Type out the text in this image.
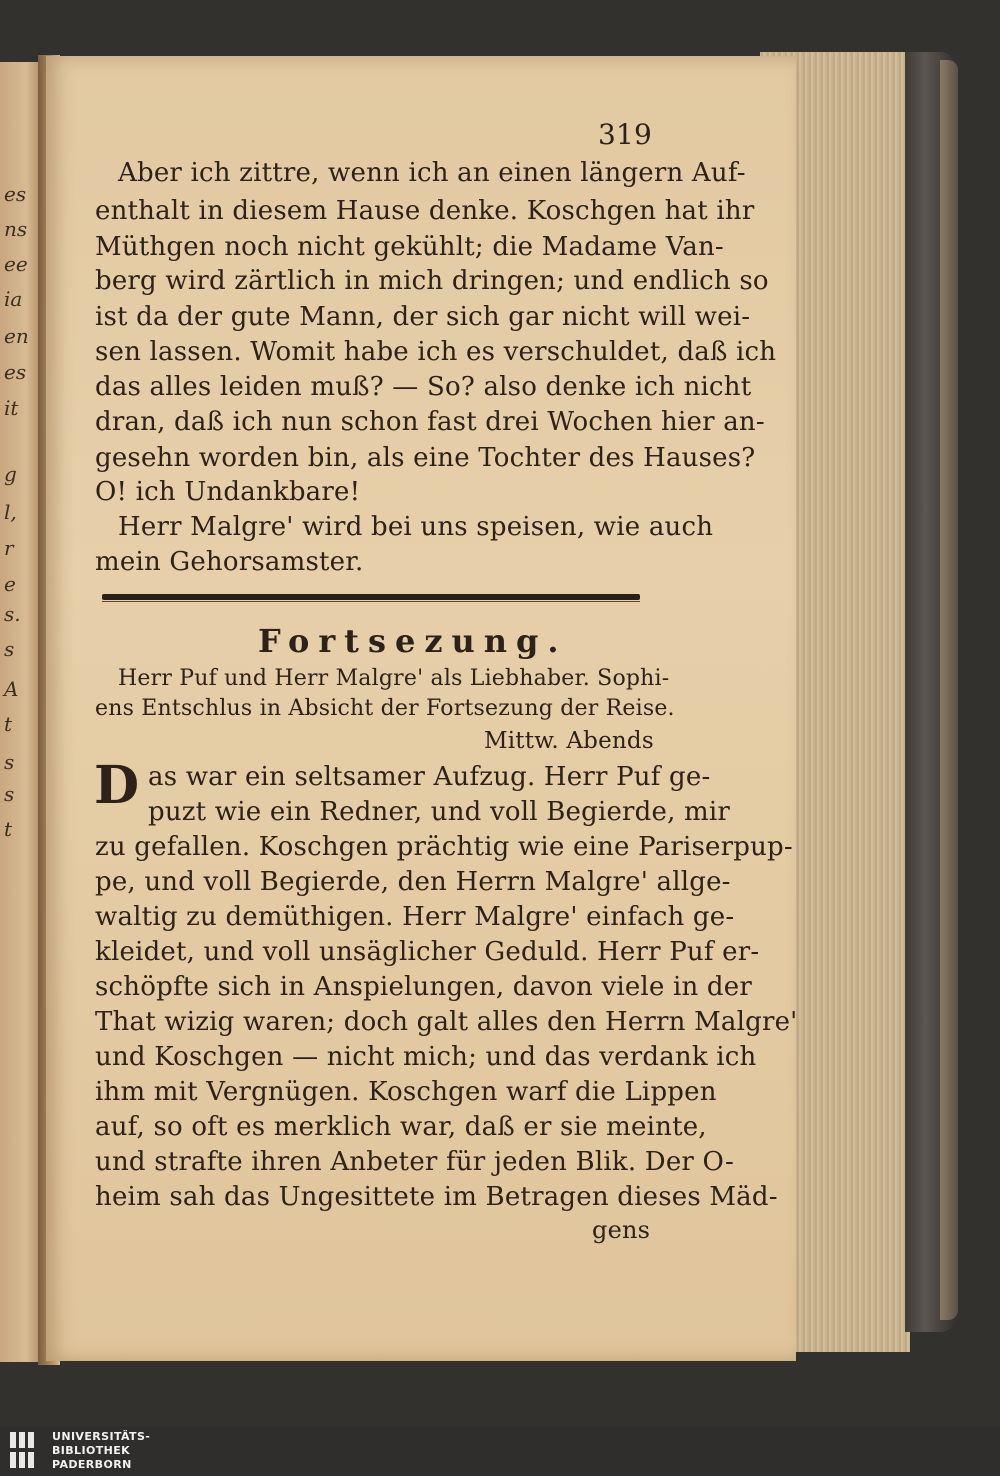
es
ns
ee
ia
en
es
it
g
l,
r
e
s.
s
A
t
s
s
t
319
Aber ich zittre, wenn ich an einen längern Auf-
enthalt in diesem Hause denke. Koschgen hat ihr
Müthgen noch nicht gekühlt; die Madame Van-
berg wird zärtlich in mich dringen; und endlich so
ist da der gute Mann, der sich gar nicht will wei-
sen lassen. Womit habe ich es verschuldet, daß ich
das alles leiden muß? — So? also denke ich nicht
dran, daß ich nun schon fast drei Wochen hier an-
gesehn worden bin, als eine Tochter des Hauses?
O! ich Undankbare!
Herr Malgre' wird bei uns speisen, wie auch
mein Gehorsamster.
Fortsezung.
Herr Puf und Herr Malgre' als Liebhaber. Sophi-
ens Entschlus in Absicht der Fortsezung der Reise.
Mittw. Abends
D as war ein seltsamer Aufzug. Herr Puf ge-
puzt wie ein Redner, und voll Begierde, mir
zu gefallen. Koschgen prächtig wie eine Pariserpup-
pe, und voll Begierde, den Herrn Malgre' allge-
waltig zu demüthigen. Herr Malgre' einfach ge-
kleidet, und voll unsäglicher Geduld. Herr Puf er-
schöpfte sich in Anspielungen, davon viele in der
That wizig waren; doch galt alles den Herrn Malgre'
und Koschgen — nicht mich; und das verdank ich
ihm mit Vergnügen. Koschgen warf die Lippen
auf, so oft es merklich war, daß er sie meinte,
und strafte ihren Anbeter für jeden Blik. Der O-
heim sah das Ungesittete im Betragen dieses Mäd-
gens
UNIVERSITÄTS-
BIBLIOTHEK
PADERBORN
